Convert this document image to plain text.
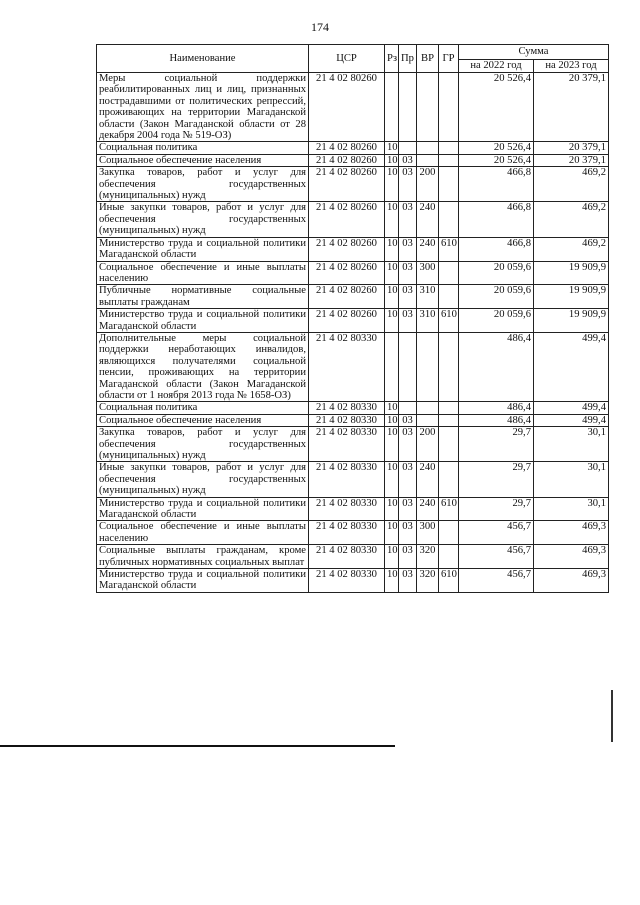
174
Наименование	ЦСР	Рз	Пр	ВР	ГР	Сумма	
						на 2022 год	на 2023 год
Меры социальной поддержки реабилитированных лиц и лиц, признанных пострадавшими от политических репрессий, проживающих на территории Магаданской области (Закон Магаданской области от 28 декабря 2004 года № 519-ОЗ)	21 4 02 80260					20 526,4	20 379,1
Социальная политика	21 4 02 80260	10				20 526,4	20 379,1
Социальное обеспечение населения	21 4 02 80260	10	03			20 526,4	20 379,1
Закупка товаров, работ и услуг для обеспечения государственных (муниципальных) нужд	21 4 02 80260	10	03	200		466,8	469,2
Иные закупки товаров, работ и услуг для обеспечения государственных (муниципальных) нужд	21 4 02 80260	10	03	240		466,8	469,2
Министерство труда и социальной политики Магаданской области	21 4 02 80260	10	03	240	610	466,8	469,2
Социальное обеспечение и иные выплаты населению	21 4 02 80260	10	03	300		20 059,6	19 909,9
Публичные нормативные социальные выплаты гражданам	21 4 02 80260	10	03	310		20 059,6	19 909,9
Министерство труда и социальной политики Магаданской области	21 4 02 80260	10	03	310	610	20 059,6	19 909,9
Дополнительные меры социальной поддержки неработающих инвалидов, являющихся получателями социальной пенсии, проживающих на территории Магаданской области (Закон Магаданской области от 1 ноября 2013 года № 1658-ОЗ)	21 4 02 80330					486,4	499,4
Социальная политика	21 4 02 80330	10				486,4	499,4
Социальное обеспечение населения	21 4 02 80330	10	03			486,4	499,4
Закупка товаров, работ и услуг для обеспечения государственных (муниципальных) нужд	21 4 02 80330	10	03	200		29,7	30,1
Иные закупки товаров, работ и услуг для обеспечения государственных (муниципальных) нужд	21 4 02 80330	10	03	240		29,7	30,1
Министерство труда и социальной политики Магаданской области	21 4 02 80330	10	03	240	610	29,7	30,1
Социальное обеспечение и иные выплаты населению	21 4 02 80330	10	03	300		456,7	469,3
Социальные выплаты гражданам, кроме публичных нормативных социальных выплат	21 4 02 80330	10	03	320		456,7	469,3
Министерство труда и социальной политики Магаданской области	21 4 02 80330	10	03	320	610	456,7	469,3
